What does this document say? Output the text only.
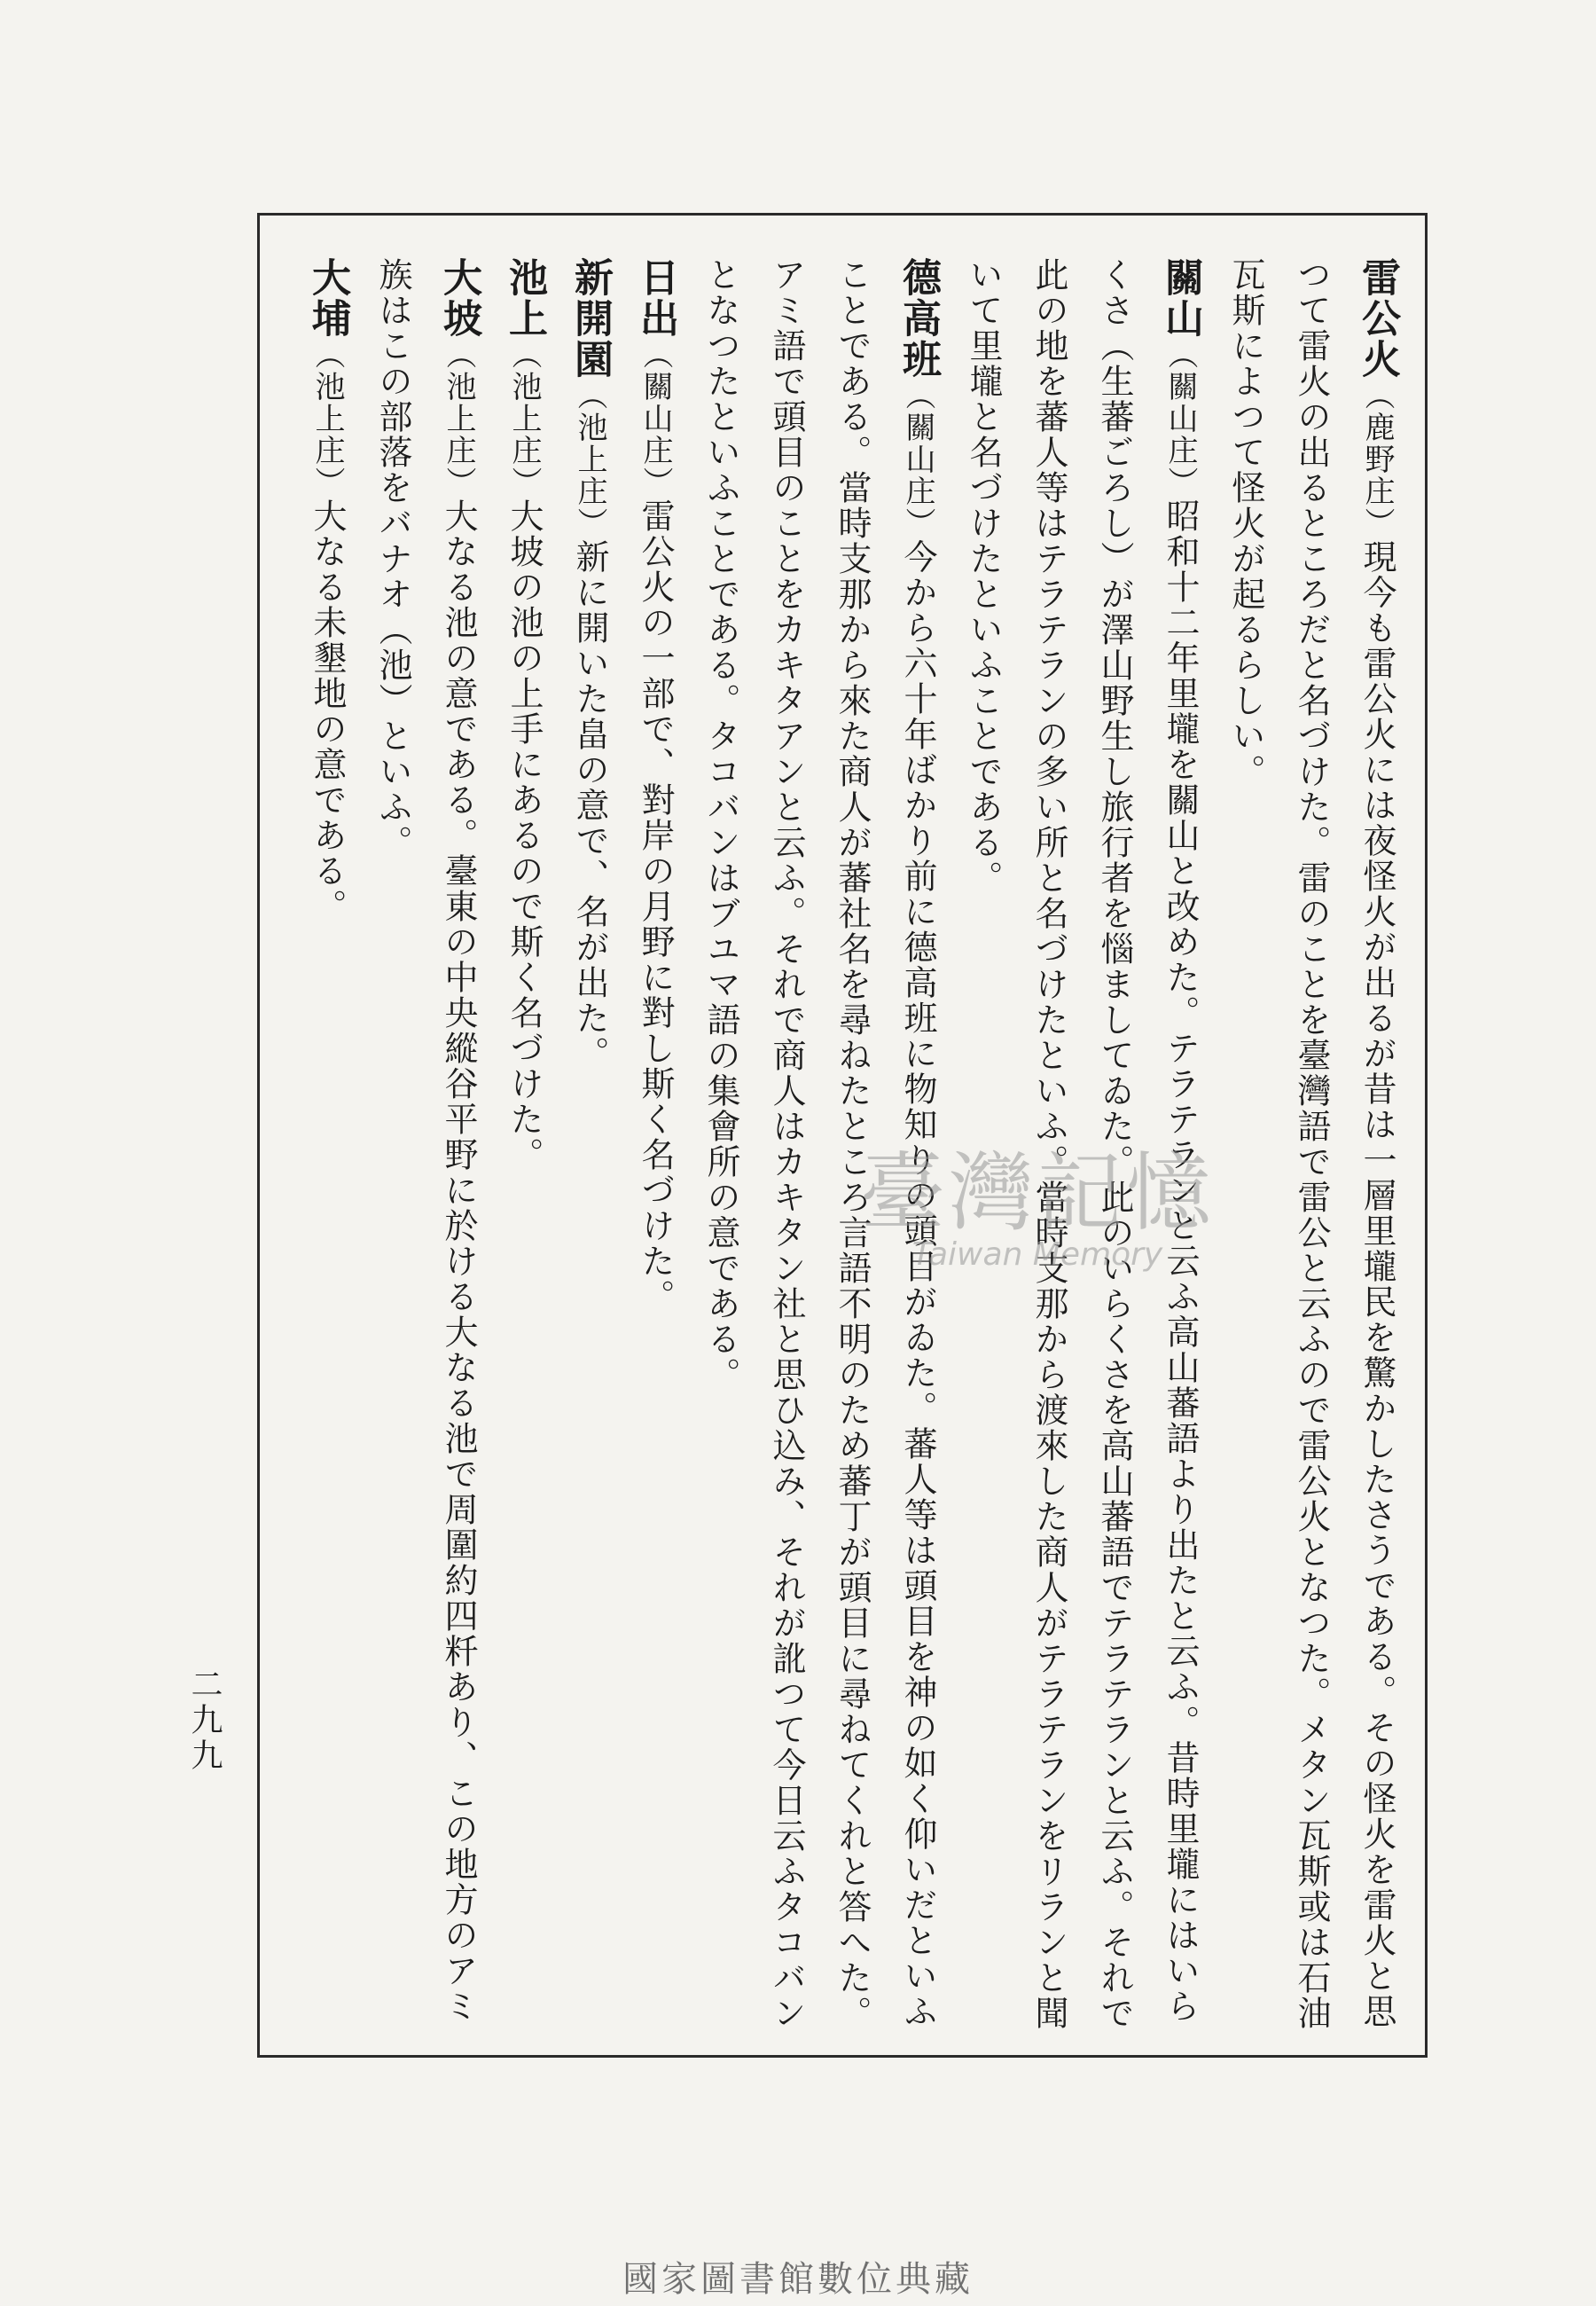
雷公火（鹿野庄）現今も雷公火には夜怪火が出るが昔は一層里壠民を驚かしたさうである。その怪火を雷火と思つて雷火の出るところだと名づけた。雷のことを臺灣語で雷公と云ふので雷公火となつた。メタン瓦斯或は石油瓦斯によつて怪火が起るらしい。

關山（關山庄）昭和十二年里壠を關山と改めた。テラテランと云ふ高山蕃語より出たと云ふ。昔時里壠にはいらくさ（生蕃ごろし）が澤山野生し旅行者を惱ましてゐた。此のいらくさを高山蕃語でテラテランと云ふ。それで此の地を蕃人等はテラテランの多い所と名づけたといふ。當時支那から渡來した商人がテラテランをリランと聞いて里壠と名づけたといふことである。

德高班（關山庄）今から六十年ばかり前に德高班に物知りの頭目がゐた。蕃人等は頭目を神の如く仰いだといふことである。當時支那から來た商人が蕃社名を尋ねたところ言語不明のため蕃丁が頭目に尋ねてくれと答へた。アミ語で頭目のことをカキタアンと云ふ。それで商人はカキタン社と思ひ込み、それが訛つて今日云ふタコバンとなつたといふことである。タコバンはブユマ語の集會所の意である。

日出（關山庄）雷公火の一部で、對岸の月野に對し斯く名づけた。

新開園（池上庄）新に開いた畠の意で、名が出た。

池上（池上庄）大坡の池の上手にあるので斯く名づけた。

大坡（池上庄）大なる池の意である。臺東の中央縱谷平野に於ける大なる池で周圍約四粁あり、この地方のアミ族はこの部落をバナオ（池）といふ。

大埔（池上庄）大なる未墾地の意である。

臺灣記憶
Taiwan Memory
二九九
國家圖書館數位典藏
